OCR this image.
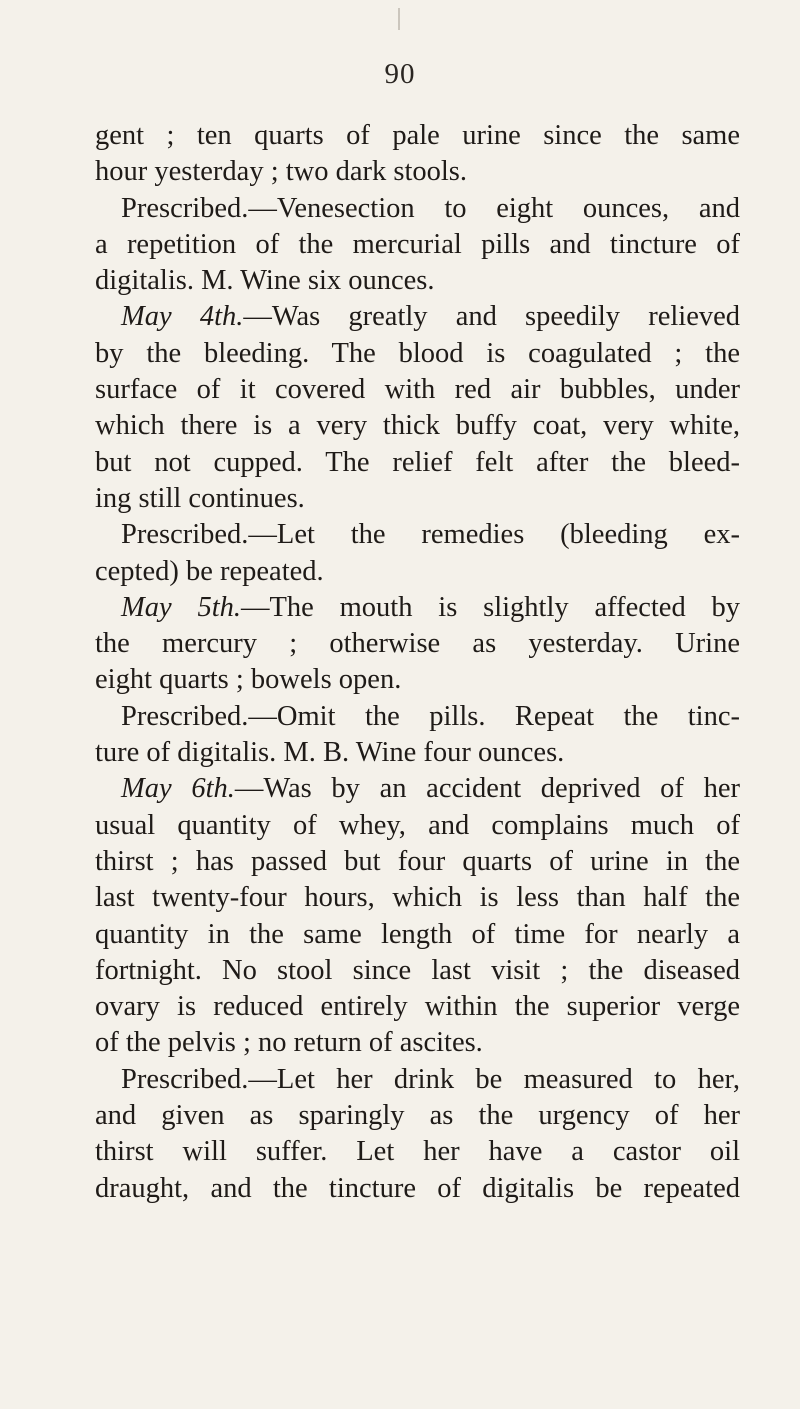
90
gent ; ten quarts of pale urine since the same
hour yesterday ; two dark stools.
Prescribed.—Venesection to eight ounces, and
a repetition of the mercurial pills and tincture of
digitalis. M. Wine six ounces.
May 4th.—Was greatly and speedily relieved
by the bleeding. The blood is coagulated ; the
surface of it covered with red air bubbles, under
which there is a very thick buffy coat, very white,
but not cupped. The relief felt after the bleed-
ing still continues.
Prescribed.—Let the remedies (bleeding ex-
cepted) be repeated.
May 5th.—The mouth is slightly affected by
the mercury ; otherwise as yesterday. Urine
eight quarts ; bowels open.
Prescribed.—Omit the pills. Repeat the tinc-
ture of digitalis. M. B. Wine four ounces.
May 6th.—Was by an accident deprived of her
usual quantity of whey, and complains much of
thirst ; has passed but four quarts of urine in the
last twenty-four hours, which is less than half the
quantity in the same length of time for nearly a
fortnight. No stool since last visit ; the diseased
ovary is reduced entirely within the superior verge
of the pelvis ; no return of ascites.
Prescribed.—Let her drink be measured to her,
and given as sparingly as the urgency of her
thirst will suffer. Let her have a castor oil
draught, and the tincture of digitalis be repeated
